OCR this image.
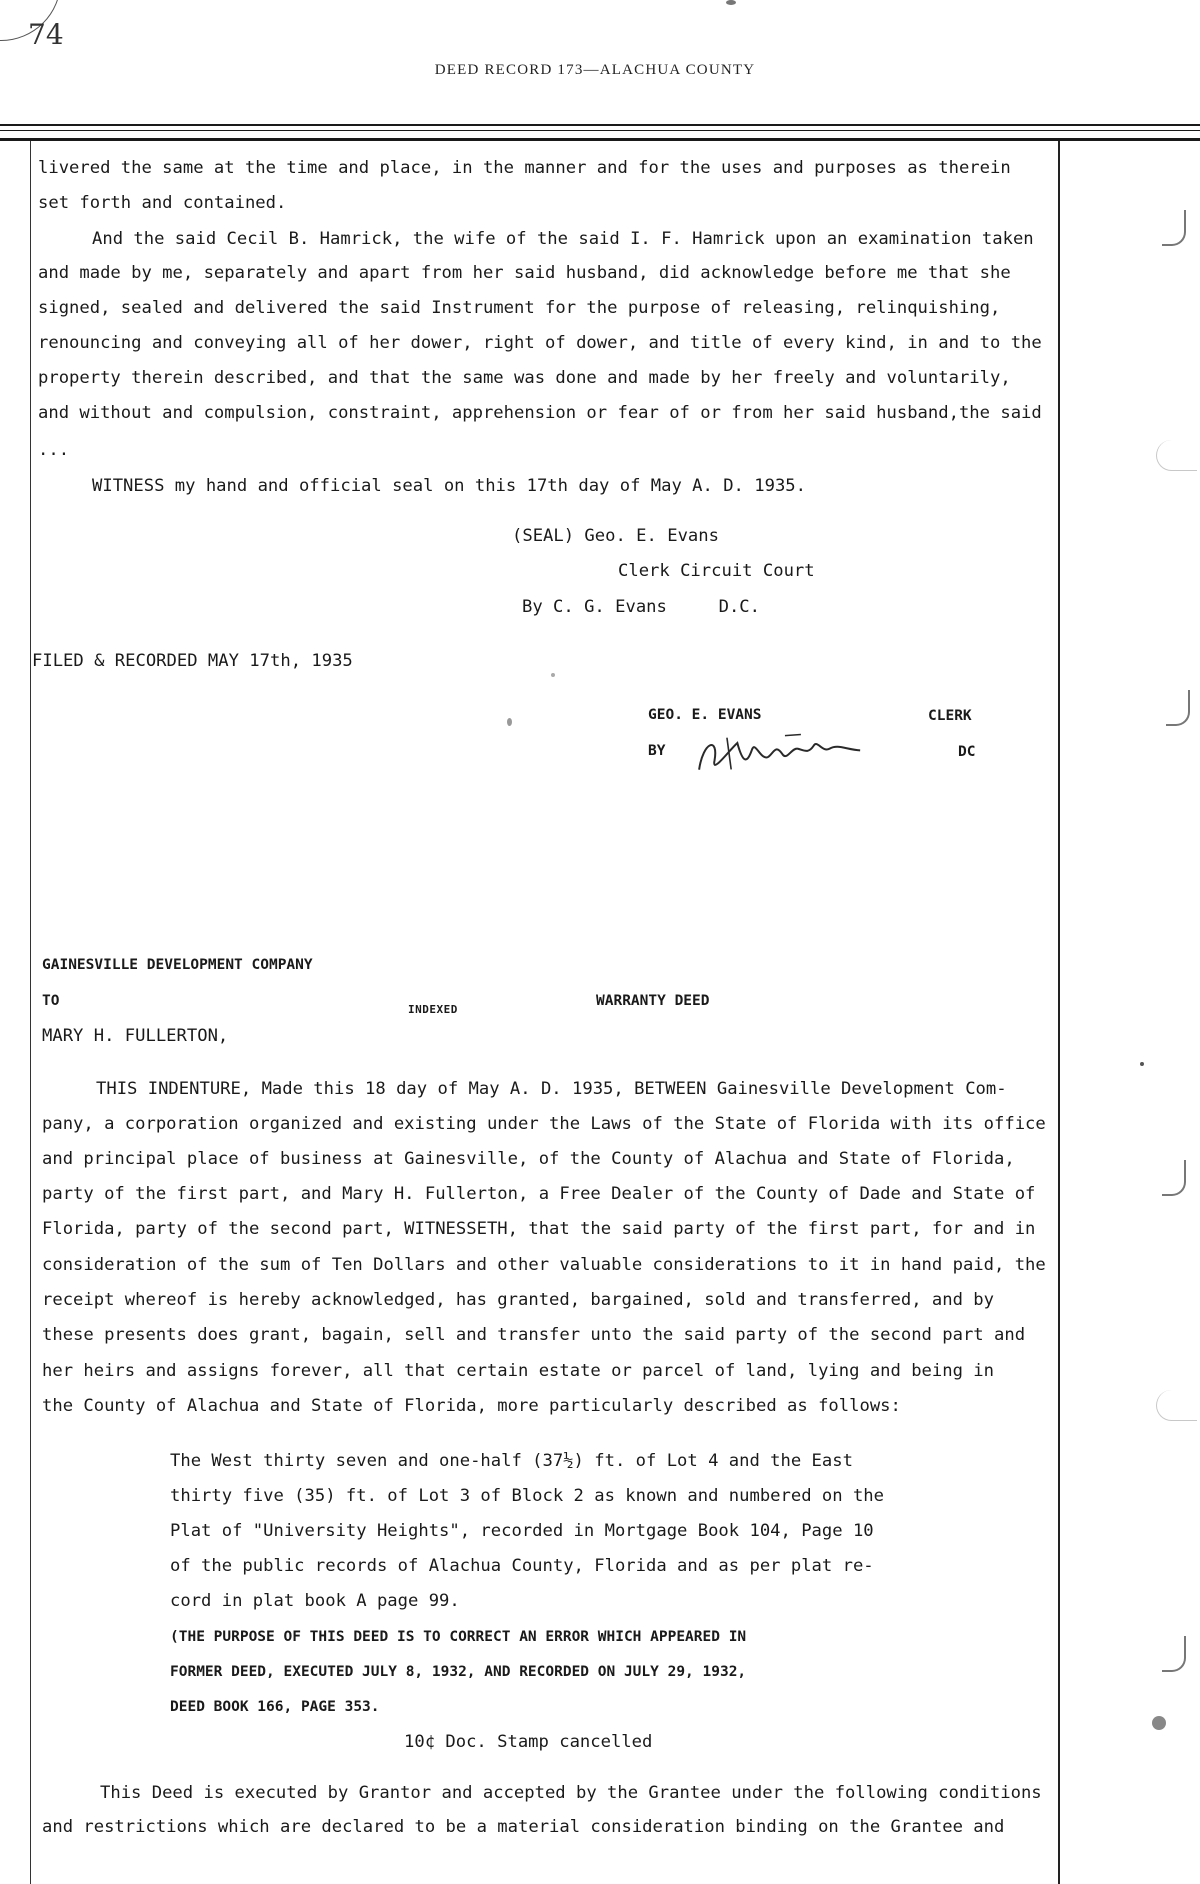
74
DEED RECORD 173—ALACHUA COUNTY
livered the same at the time and place, in the manner and for the uses and purposes as therein
set forth and contained.
And the said Cecil B. Hamrick, the wife of the said I. F. Hamrick upon an examination taken
and made by me, separately and apart from her said husband, did acknowledge before me that she
signed, sealed and delivered the said Instrument for the purpose of releasing, relinquishing,
renouncing and conveying all of her dower, right of dower, and title of every kind, in and to the
property therein described, and that the same was done and made by her freely and voluntarily,
and without and compulsion, constraint, apprehension or fear of or from her said husband,the said
...
WITNESS my hand and official seal on this 17th day of May A. D. 1935.
(SEAL) Geo. E. Evans
Clerk Circuit Court
By C. G. Evans     D.C.
FILED & RECORDED MAY 17th, 1935
GEO. E. EVANS	CLERK
BY	DC
GAINESVILLE DEVELOPMENT COMPANY
TO
INDEXED
WARRANTY DEED
MARY H. FULLERTON,
THIS INDENTURE, Made this 18 day of May A. D. 1935, BETWEEN Gainesville Development Com-
pany, a corporation organized and existing under the Laws of the State of Florida with its office
and principal place of business at Gainesville, of the County of Alachua and State of Florida,
party of the first part, and Mary H. Fullerton, a Free Dealer of the County of Dade and State of
Florida, party of the second part, WITNESSETH, that the said party of the first part, for and in
consideration of the sum of Ten Dollars and other valuable considerations to it in hand paid, the
receipt whereof is hereby acknowledged, has granted, bargained, sold and transferred, and by
these presents does grant, bagain, sell and transfer unto the said party of the second part and
her heirs and assigns forever, all that certain estate or parcel of land, lying and being in
the County of Alachua and State of Florida, more particularly described as follows:
The West thirty seven and one-half (37½) ft. of Lot 4 and the East
thirty five (35) ft. of Lot 3 of Block 2 as known and numbered on the
Plat of "University Heights", recorded in Mortgage Book 104, Page 10
of the public records of Alachua County, Florida and as per plat re-
cord in plat book A page 99.
(THE PURPOSE OF THIS DEED IS TO CORRECT AN ERROR WHICH APPEARED IN
FORMER DEED, EXECUTED JULY 8, 1932, AND RECORDED ON JULY 29, 1932,
DEED BOOK 166, PAGE 353.
10¢ Doc. Stamp cancelled
This Deed is executed by Grantor and accepted by the Grantee under the following conditions
and restrictions which are declared to be a material consideration binding on the Grantee and
